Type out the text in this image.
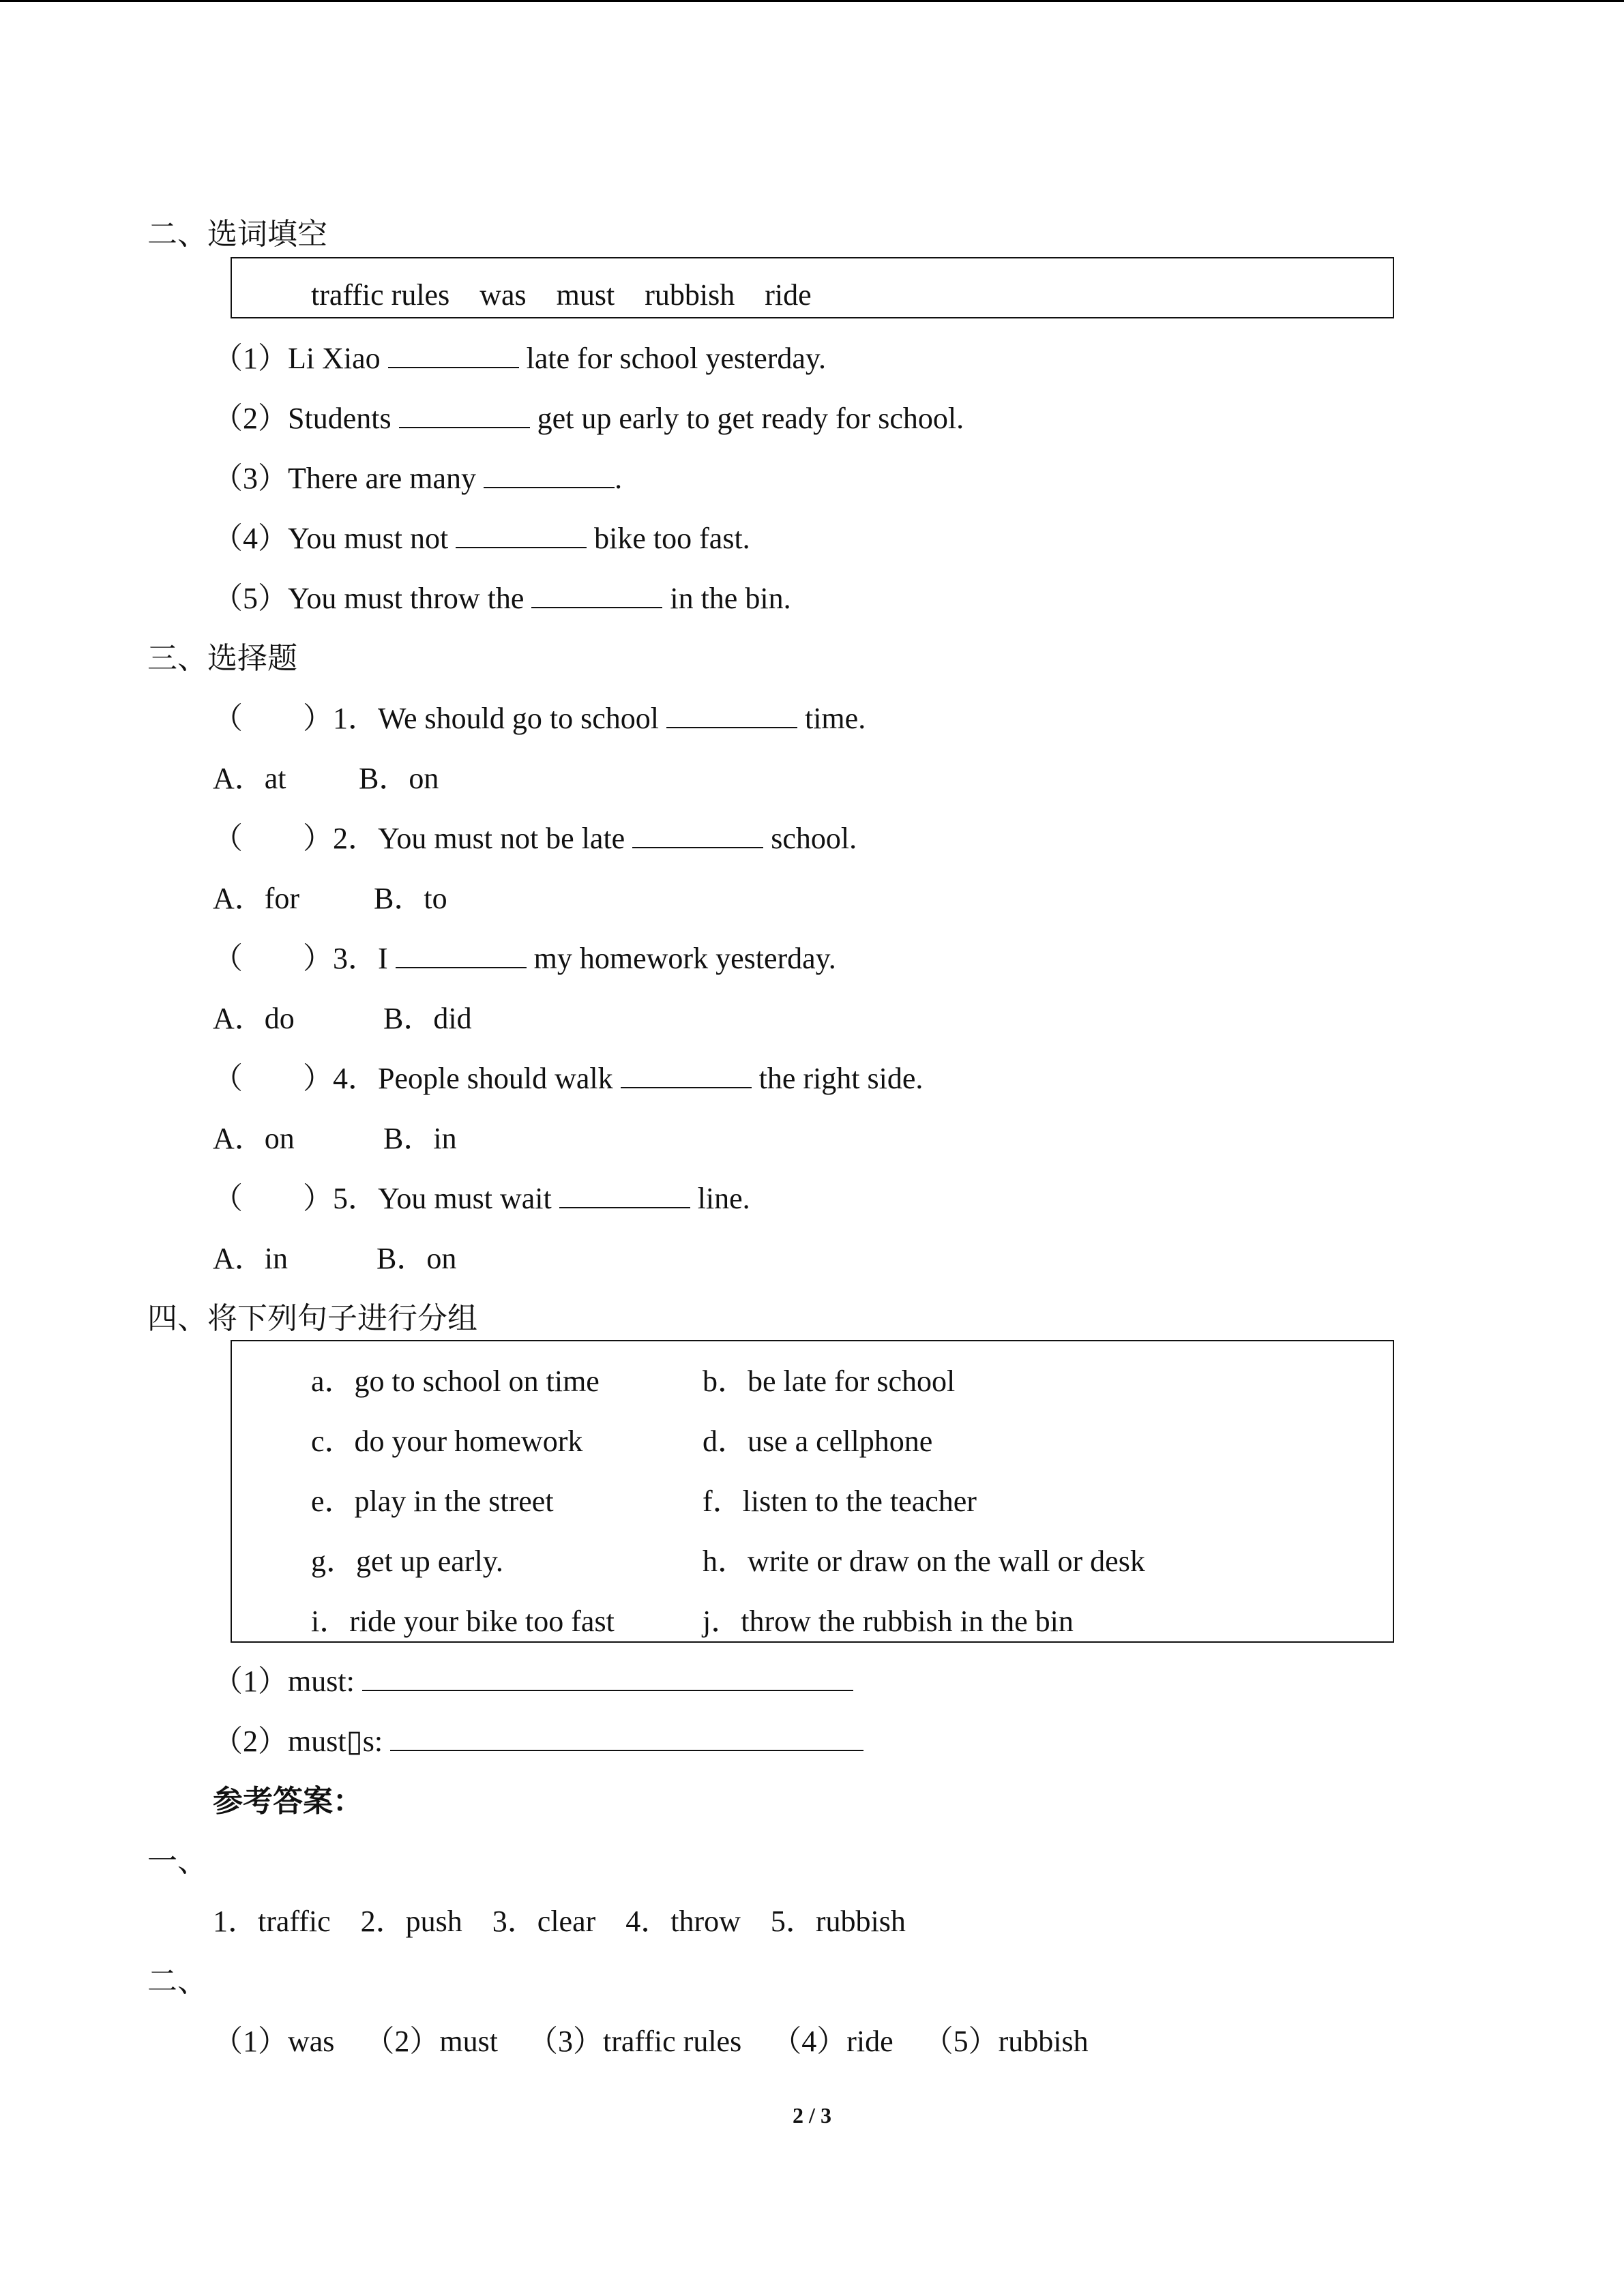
二、选词填空
traffic rules    was    must    rubbish    ride
（1）Li Xiao	late for school yesterday.
（2）Students	get up early to get ready for school.
（3）There are many	.
（4）You must not	bike too fast.
（5）You must throw the	in the bin.
三、选择题
（        ）1．We should go to school	time.
A．at B．on
（        ）2．You must not be late	school.
A．for B．to
（        ）3．I	my homework yesterday.
A．do	B．did
（        ）4．People should walk	the right side.
A．on	B．in
（        ）5．You must wait	line.
A．in	B．on
四、将下列句子进行分组
a．go to school on time	b．be late for school
c．do your homework	d．use a cellphone
e．play in the street	f．listen to the teacher
g．get up early.	h．write or draw on the wall or desk
i．ride your bike too fast	j．throw the rubbish in the bin
（1）must:
（2）must▯s:
参考答案：
一、
1．traffic    2．push    3．clear    4．throw    5．rubbish
二、
（1）was    （2）must    （3）traffic rules    （4）ride    （5）rubbish
2 / 3
